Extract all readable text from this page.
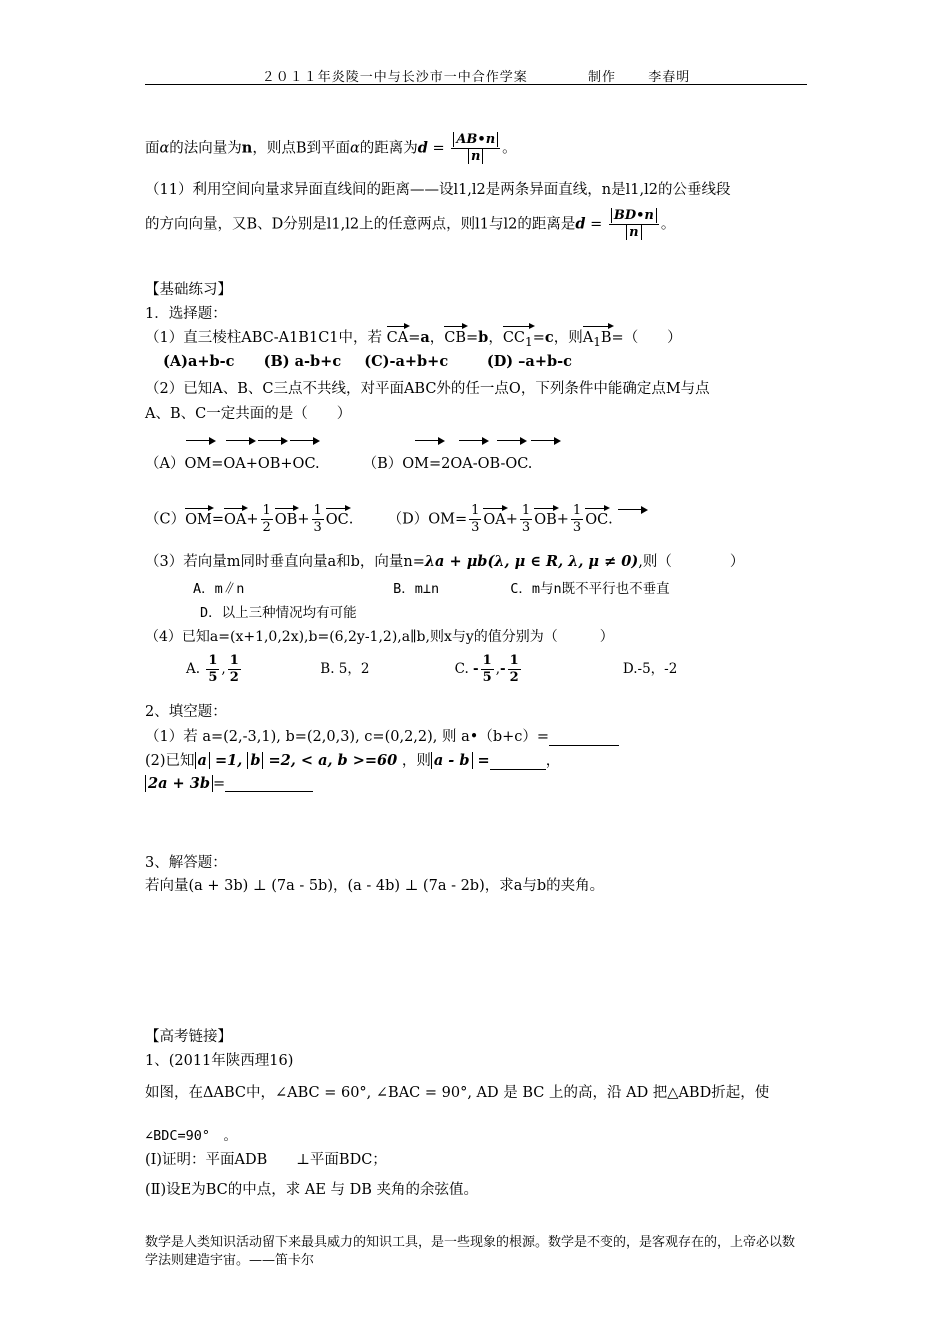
２０１１年炎陵一中与长沙市一中合作学案	制作 李春明
面α的法向量为n，则点B到平面α的距离为$d = \frac{AB•n}{n}$ 。
（11）利用空间向量求异面直线间的距离——设l1,l2是两条异面直线，n是l1,l2的公垂线段
的方向向量，又B、D分别是l1,l2上的任意两点，则l1与l2的距离是$d = \frac{BD•n}{n}$ 。
【基础练习】
1．选择题：
（1）直三棱柱ABC-A1B1C1中，若 CA=a，CB=b，$CC_1=c$，则$A_1B=$（　　）
(A)a+b-c (B) a-b+c (C)-a+b+c	(D) –a+b-c
（2）已知A、B、C三点不共线，对平面ABC外的任一点O，下列条件中能确定点M与点
A、B、C一定共面的是（　　）
（A）OM=OA+OB+OC.	（B）OM=2OA-OB-OC.
$(C)OM=OA+ \frac{1}{2} OB+ \frac{1}{3}$ OC. $(D)OM= \frac{1}{3} OA+ \frac{1}{3} OB+ \frac{1}{3}$ OC.
（3）若向量m同时垂直向量a和b，向量n=λa + μb(λ, μ ∈ R, λ, μ ≠ 0),则（　　　　）
A．m∥n	B．m⊥n	C．m与n既不平行也不垂直
D．以上三种情况均有可能
（4）已知a=(x+1,0,2x),b=(6,2y-1,2),a∥b,则x与y的值分别为（　　　）
A. $\frac{1}{5}$ , $\frac{1}{2}$	B. 5，2	C. - $\frac{1}{5}$ ,- $\frac{1}{2}$	D.-5，-2
2、填空题：
（1）若 a=(2,-3,1), b=(2,0,3), c=(0,2,2), 则 a•（b+c）=
(2)已知 a =1, b =2, < a, b >=60 ，则 a - b =	，
2a + 3b =
3、解答题：
若向量(a + 3b) ⊥ (7a - 5b)，(a - 4b) ⊥ (7a - 2b)，求a与b的夹角。
【高考链接】
1、(2011年陕西理16)
如图，在ΔABC中，∠ABC = 60°, ∠BAC = 90°, AD 是 BC 上的高，沿 AD 把△ABD折起，使
∠BDC=90°　。
(Ⅰ)证明：平面ADB　　⊥平面BDC；
(Ⅱ)设E为BC的中点，求 AE 与 DB 夹角的余弦值。
数学是人类知识活动留下来最具威力的知识工具，是一些现象的根源。数学是不变的，是客观存在的，上帝必以数学法则建造宇宙。——笛卡尔
